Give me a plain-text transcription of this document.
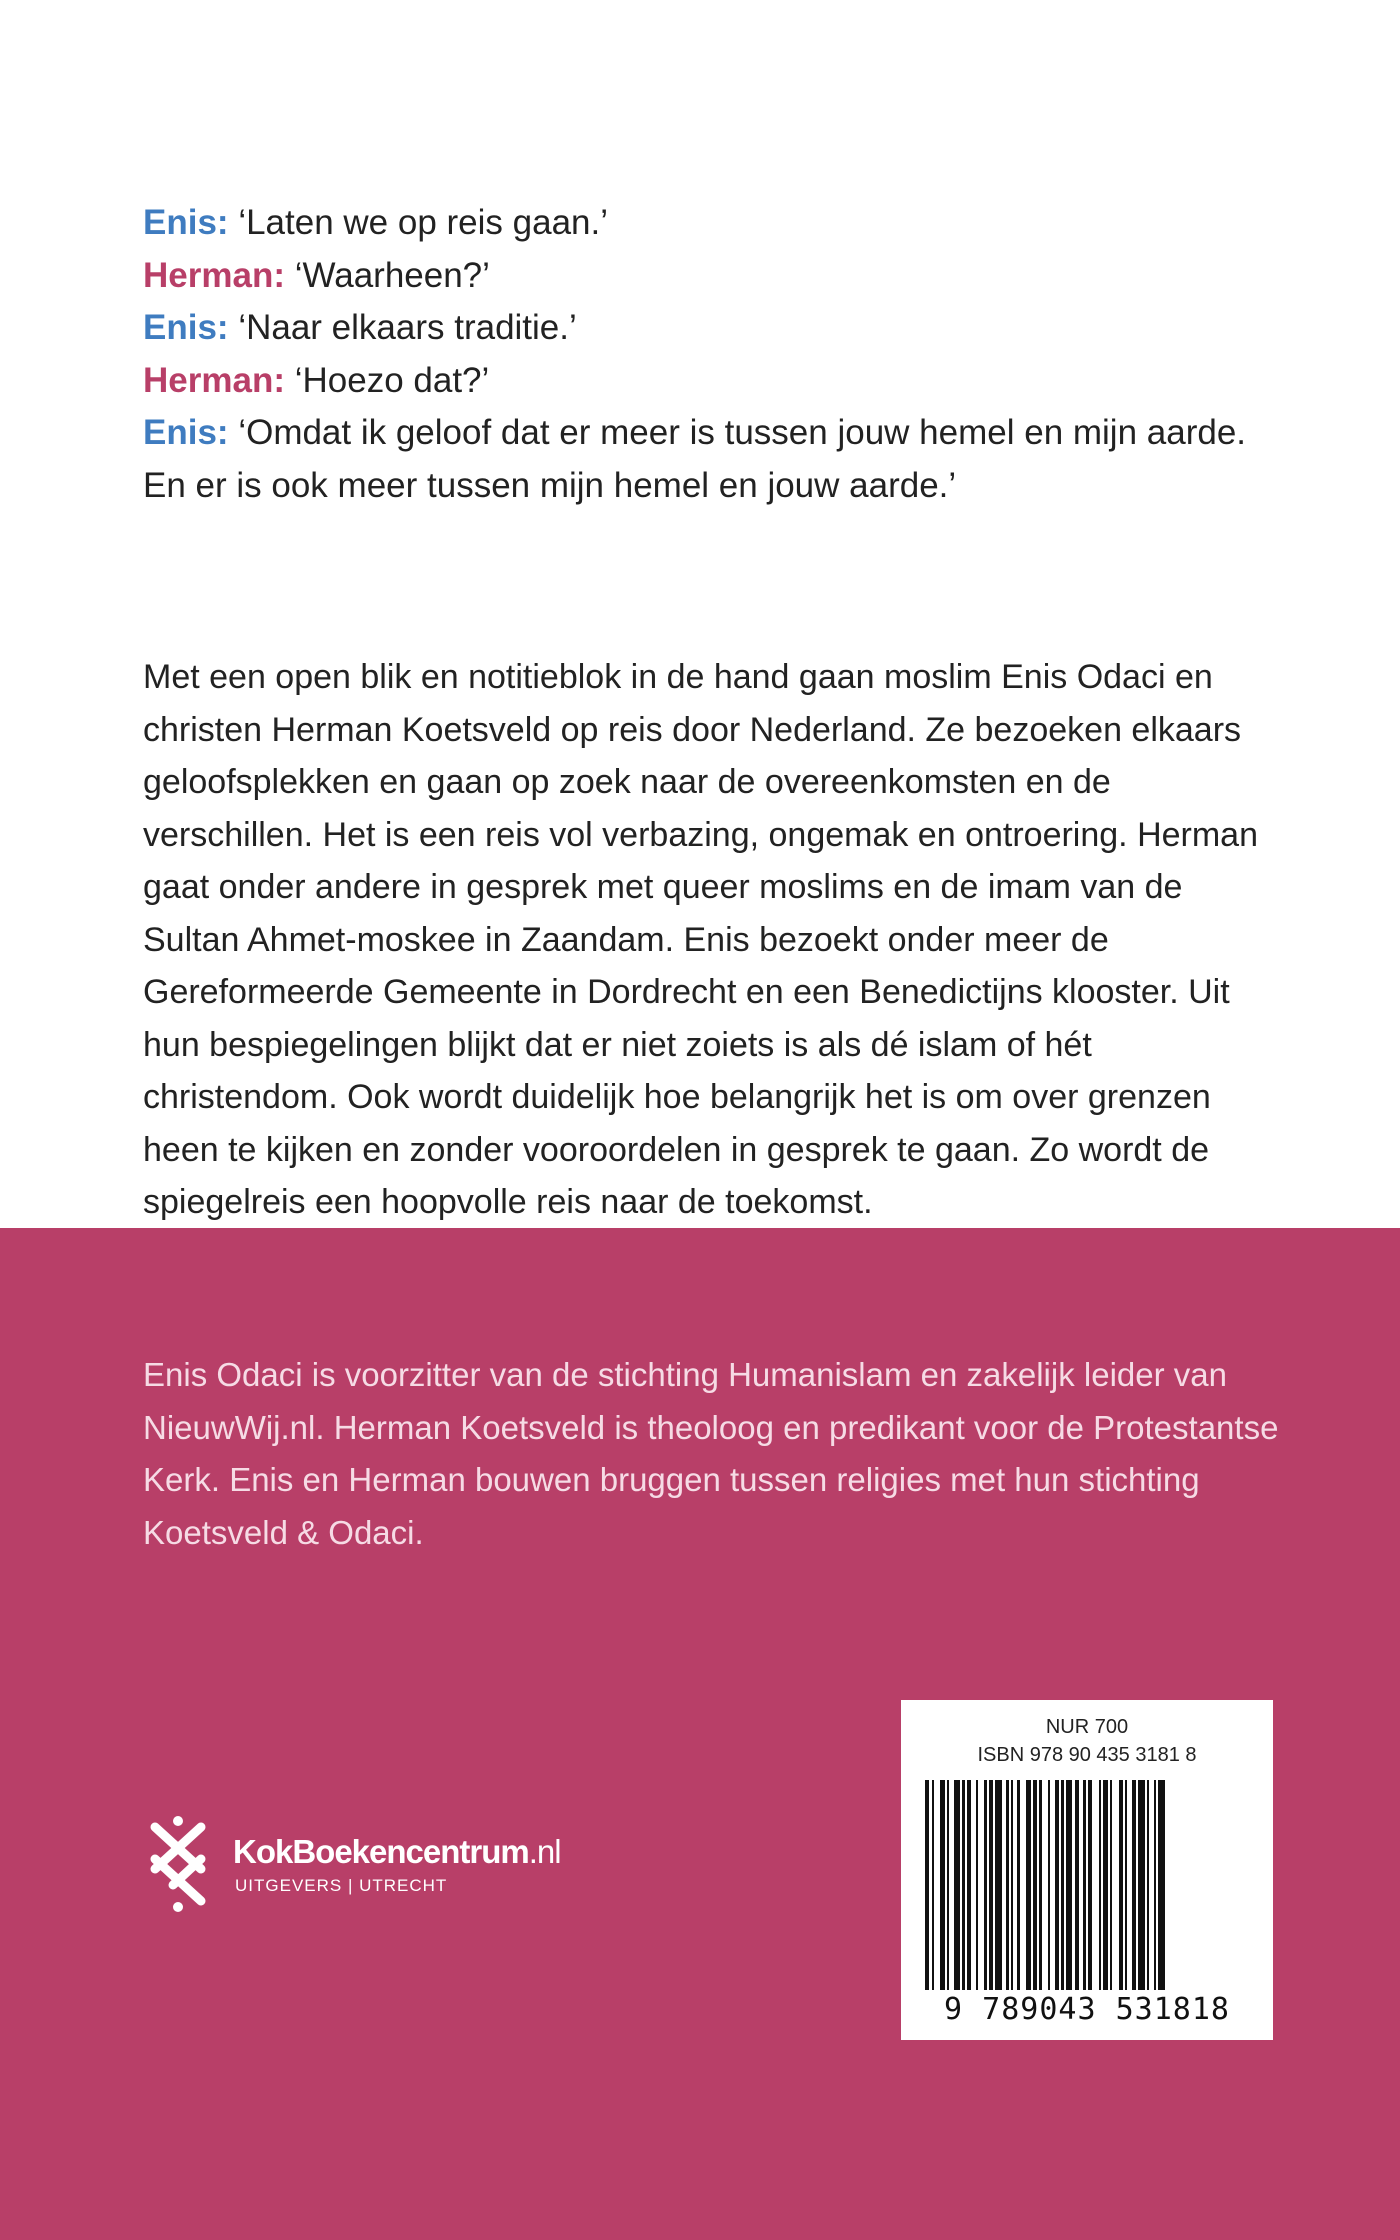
Enis: ‘Laten we op reis gaan.’
Herman: ‘Waarheen?’
Enis: ‘Naar elkaars traditie.’
Herman: ‘Hoezo dat?’
Enis: ‘Omdat ik geloof dat er meer is tussen jouw hemel en mijn aarde. En er is ook meer tussen mijn hemel en jouw aarde.’

Met een open blik en notitieblok in de hand gaan moslim Enis Odaci en christen Herman Koetsveld op reis door Nederland. Ze bezoeken elkaars geloofsplekken en gaan op zoek naar de overeenkomsten en de verschillen. Het is een reis vol verbazing, ongemak en ontroering. Herman gaat onder andere in gesprek met queer moslims en de imam van de Sultan Ahmet-moskee in Zaandam. Enis bezoekt onder meer de Gereformeerde Gemeente in Dordrecht en een Benedictijns klooster. Uit hun bespiegelingen blijkt dat er niet zoiets is als dé islam of hét christendom. Ook wordt duidelijk hoe belangrijk het is om over grenzen heen te kijken en zonder vooroordelen in gesprek te gaan. Zo wordt de spiegelreis een hoopvolle reis naar de toekomst.

Enis Odaci is voorzitter van de stichting Humanislam en zakelijk leider van NieuwWij.nl. Herman Koetsveld is theoloog en predikant voor de Protestantse Kerk. Enis en Herman bouwen bruggen tussen religies met hun stichting Koetsveld & Odaci.

KokBoekencentrum.nl
UITGEVERS | UTRECHT
NUR 700
ISBN 978 90 435 3181 8
9 789043 531818
